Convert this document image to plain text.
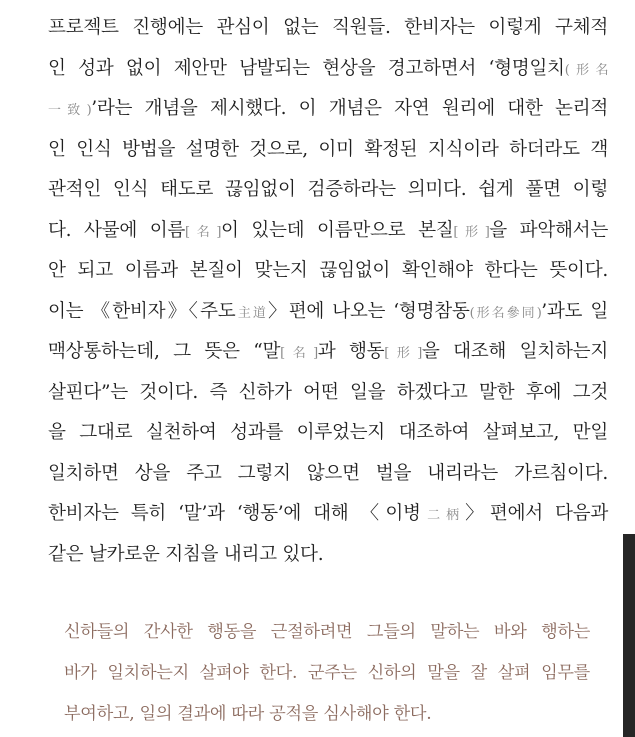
프로젝트 진행에는 관심이 없는 직원들. 한비자는 이렇게 구체적
인 성과 없이 제안만 남발되는 현상을 경고하면서 ‘형명일치(形名
一致)’라는 개념을 제시했다. 이 개념은 자연 원리에 대한 논리적
인 인식 방법을 설명한 것으로, 이미 확정된 지식이라 하더라도 객
관적인 인식 태도로 끊임없이 검증하라는 의미다. 쉽게 풀면 이렇
다. 사물에 이름[名]이 있는데 이름만으로 본질[形]을 파악해서는
안 되고 이름과 본질이 맞는지 끊임없이 확인해야 한다는 뜻이다.
이는 《한비자》〈주도主道〉편에 나오는 ‘형명참동(形名參同)’과도 일
맥상통하는데, 그 뜻은 “말[名]과 행동[形]을 대조해 일치하는지
살핀다”는 것이다. 즉 신하가 어떤 일을 하겠다고 말한 후에 그것
을 그대로 실천하여 성과를 이루었는지 대조하여 살펴보고, 만일
일치하면 상을 주고 그렇지 않으면 벌을 내리라는 가르침이다.
한비자는 특히 ‘말’과 ‘행동’에 대해 〈이병二柄〉편에서 다음과
같은 날카로운 지침을 내리고 있다.
신하들의 간사한 행동을 근절하려면 그들의 말하는 바와 행하는
바가 일치하는지 살펴야 한다. 군주는 신하의 말을 잘 살펴 임무를
부여하고, 일의 결과에 따라 공적을 심사해야 한다.
